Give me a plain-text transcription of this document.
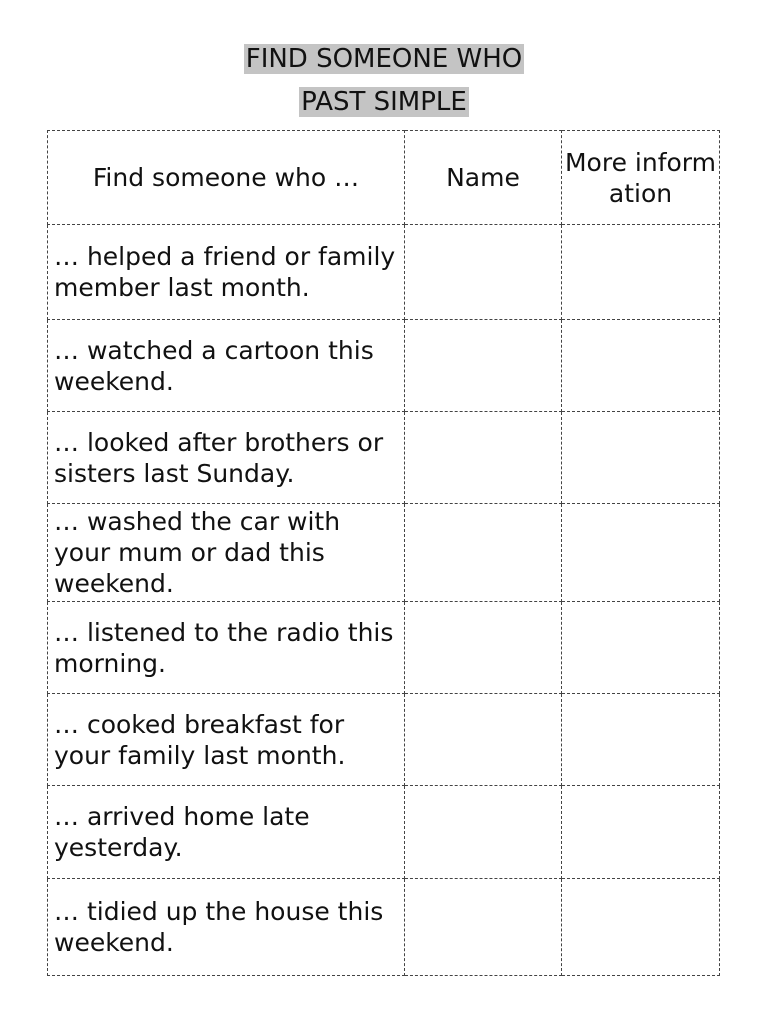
FIND SOMEONE WHO
PAST SIMPLE
Find someone who …	Name	More information
… helped a friend or family member last month.		
… watched a cartoon this weekend.		
… looked after brothers or sisters last Sunday.		
… washed the car with your mum or dad this weekend.		
… listened to the radio this morning.		
… cooked breakfast for your family last month.		
… arrived home late yesterday.		
… tidied up the house this weekend.		
